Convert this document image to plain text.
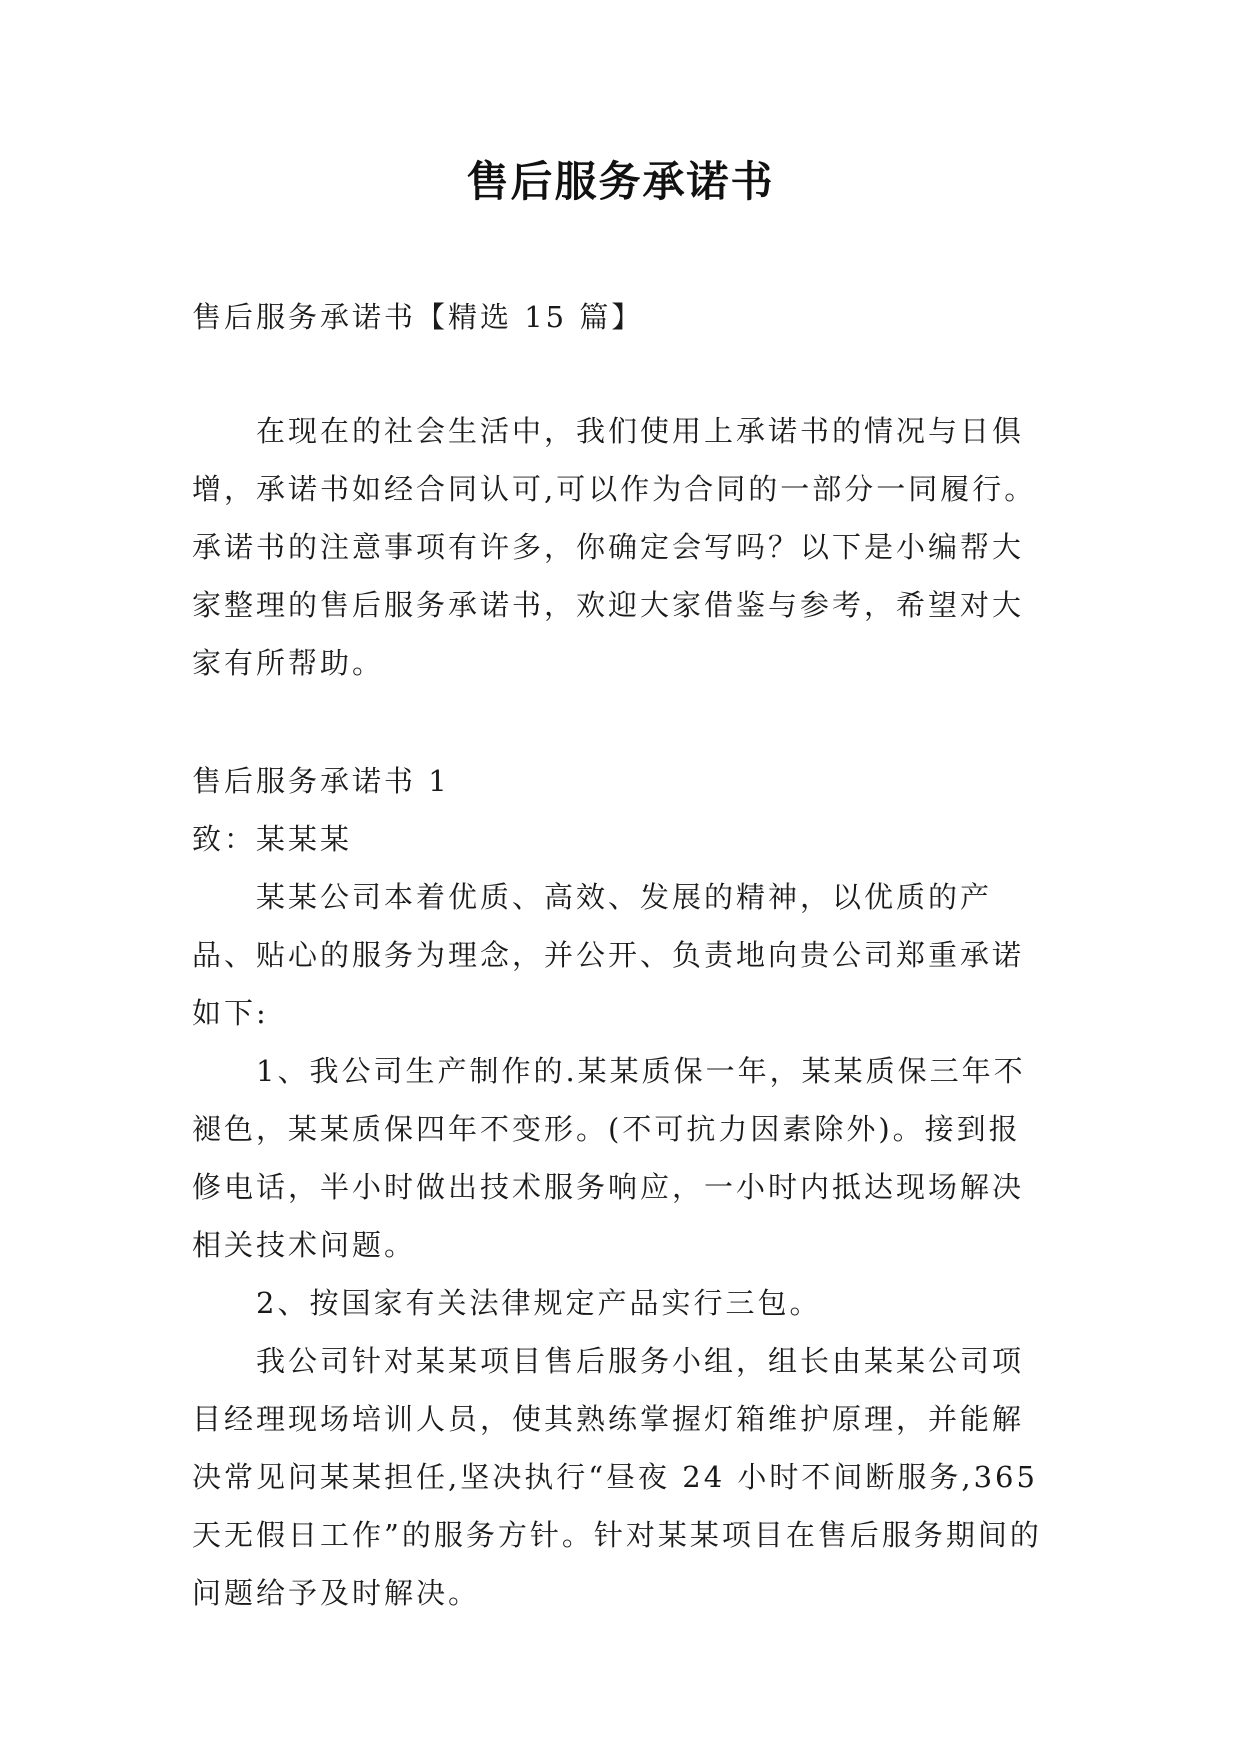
售后服务承诺书
售后服务承诺书【精选 15 篇】

在现在的社会生活中，我们使用上承诺书的情况与日俱增，承诺书如经合同认可,可以作为合同的一部分一同履行。承诺书的注意事项有许多，你确定会写吗？以下是小编帮大家整理的售后服务承诺书，欢迎大家借鉴与参考，希望对大家有所帮助。

售后服务承诺书 1
致：某某某

某某公司本着优质、高效、发展的精神，以优质的产品、贴心的服务为理念，并公开、负责地向贵公司郑重承诺如下:

1、我公司生产制作的.某某质保一年，某某质保三年不褪色，某某质保四年不变形。(不可抗力因素除外)。接到报修电话，半小时做出技术服务响应，一小时内抵达现场解决相关技术问题。

2、按国家有关法律规定产品实行三包。

我公司针对某某项目售后服务小组，组长由某某公司项目经理现场培训人员，使其熟练掌握灯箱维护原理，并能解决常见问某某担任,坚决执行“昼夜 24 小时不间断服务,365 天无假日工作”的服务方针。针对某某项目在售后服务期间的问题给予及时解决。
